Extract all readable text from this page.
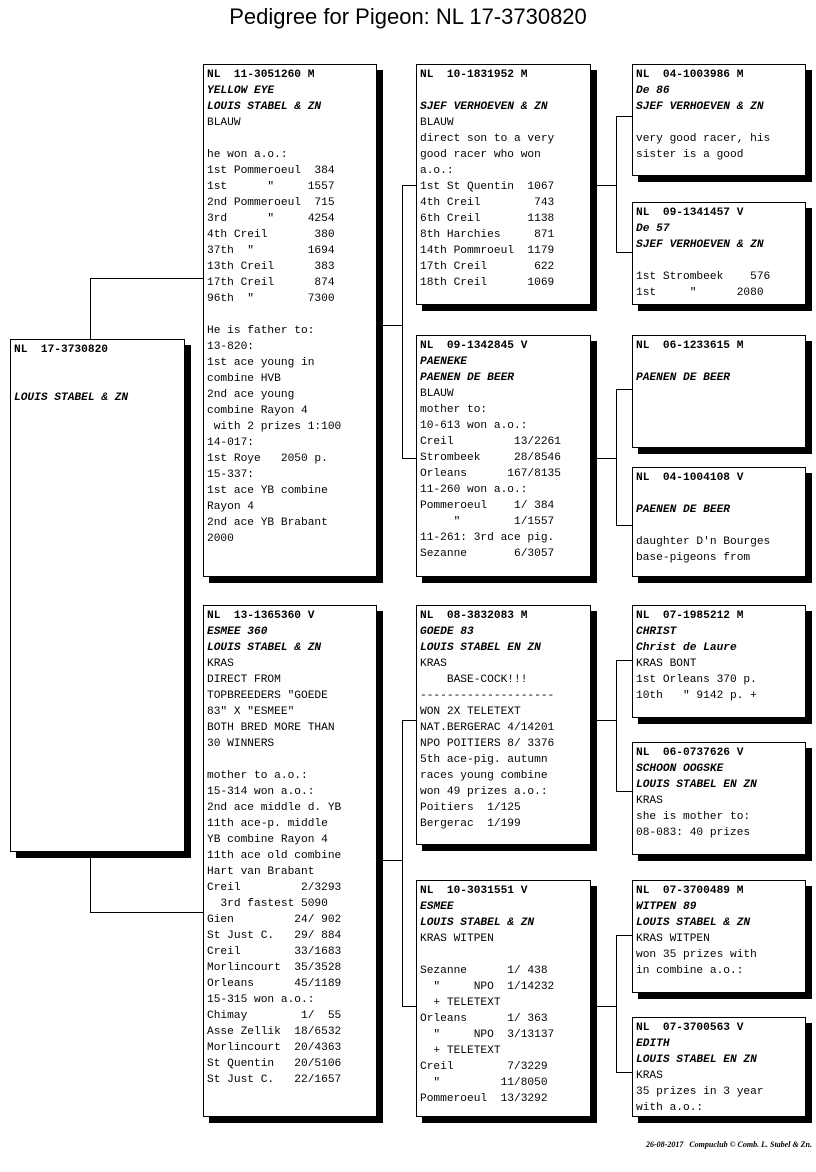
Pedigree for Pigeon: NL 17-3730820
NL  17-3730820

LOUIS STABEL & ZN
NL  11-3051260 M
YELLOW EYE
LOUIS STABEL & ZN
BLAUW
he won a.o.:
1st Pommeroeul  384
1st      "     1557
2nd Pommeroeul  715
3rd      "     4254
4th Creil       380
37th  "        1694
13th Creil      383
17th Creil      874
96th  "        7300
He is father to:
13-820:
1st ace young in
combine HVB
2nd ace young
combine Rayon 4
with 2 prizes 1:100
14-017:
1st Roye   2050 p.
15-337:
1st ace YB combine
Rayon 4
2nd ace YB Brabant
2000
NL  13-1365360 V
ESMEE 360
LOUIS STABEL & ZN
KRAS
DIRECT FROM
TOPBREEDERS "GOEDE
83" X "ESMEE"
BOTH BRED MORE THAN
30 WINNERS
mother to a.o.:
15-314 won a.o.:
2nd ace middle d. YB
11th ace-p. middle
YB combine Rayon 4
11th ace old combine
Hart van Brabant
Creil         2/3293
3rd fastest 5090
Gien         24/ 902
St Just C.   29/ 884
Creil        33/1683
Morlincourt  35/3528
Orleans      45/1189
15-315 won a.o.:
Chimay        1/  55
Asse Zellik  18/6532
Morlincourt  20/4363
St Quentin   20/5106
St Just C.   22/1657
NL  10-1831952 M
SJEF VERHOEVEN & ZN
BLAUW
direct son to a very
good racer who won
a.o.:
1st St Quentin  1067
4th Creil        743
6th Creil       1138
8th Harchies     871
14th Pommroeul  1179
17th Creil       622
18th Creil      1069
NL  09-1342845 V
PAENEKE
PAENEN DE BEER
BLAUW
mother to:
10-613 won a.o.:
Creil         13/2261
Strombeek     28/8546
Orleans      167/8135
11-260 won a.o.:
Pommeroeul    1/ 384
"        1/1557
11-261: 3rd ace pig.
Sezanne       6/3057
NL  08-3832083 M
GOEDE 83
LOUIS STABEL EN ZN
KRAS
BASE-COCK!!!
--------------------
WON 2X TELETEXT
NAT.BERGERAC 4/14201
NPO POITIERS 8/ 3376
5th ace-pig. autumn
races young combine
won 49 prizes a.o.:
Poitiers  1/125
Bergerac  1/199
NL  10-3031551 V
ESMEE
LOUIS STABEL & ZN
KRAS WITPEN
Sezanne      1/ 438
"     NPO  1/14232
+ TELETEXT
Orleans      1/ 363
"     NPO  3/13137
+ TELETEXT
Creil        7/3229
"         11/8050
Pommeroeul  13/3292
NL  04-1003986 M
De 86
SJEF VERHOEVEN & ZN
very good racer, his
sister is a good
NL  09-1341457 V
De 57
SJEF VERHOEVEN & ZN
1st Strombeek    576
1st     "      2080
NL  06-1233615 M
PAENEN DE BEER
NL  04-1004108 V
PAENEN DE BEER
daughter D'n Bourges
base-pigeons from
NL  07-1985212 M
CHRIST
Christ de Laure
KRAS BONT
1st Orleans 370 p.
10th   " 9142 p. +
NL  06-0737626 V
SCHOON OOGSKE
LOUIS STABEL EN ZN
KRAS
she is mother to:
08-083: 40 prizes
NL  07-3700489 M
WITPEN 89
LOUIS STABEL & ZN
KRAS WITPEN
won 35 prizes with
in combine a.o.:
NL  07-3700563 V
EDITH
LOUIS STABEL EN ZN
KRAS
35 prizes in 3 year
with a.o.:
26-08-2017   Compuclub © Comb. L. Stabel & Zn.
